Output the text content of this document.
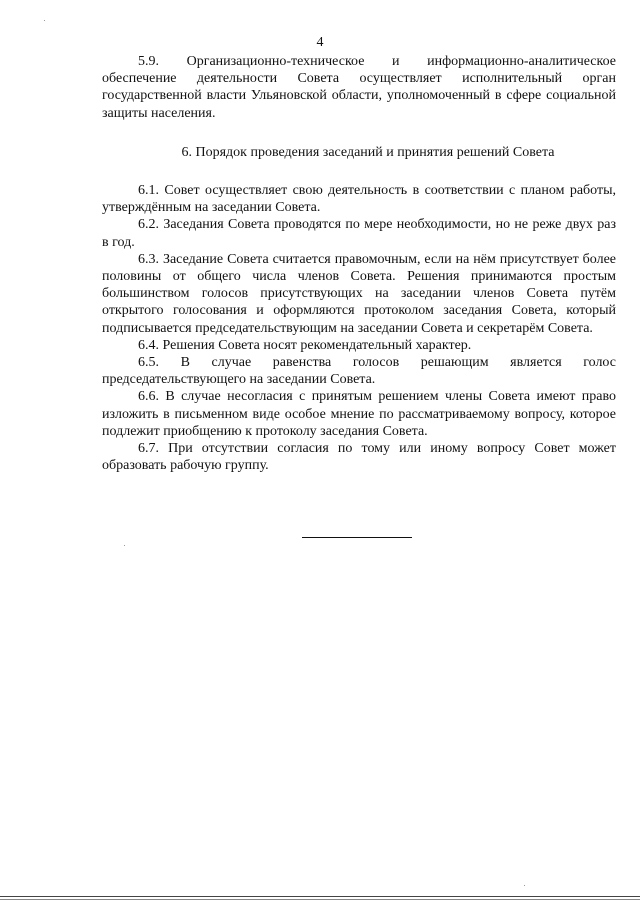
4

5.9. Организационно-техническое и информационно-аналитическое обеспечение деятельности Совета осуществляет исполнительный орган государственной власти Ульяновской области, уполномоченный в сфере социальной защиты населения.

6. Порядок проведения заседаний и принятия решений Совета

6.1. Совет осуществляет свою деятельность в соответствии с планом работы, утверждённым на заседании Совета.

6.2. Заседания Совета проводятся по мере необходимости, но не реже двух раз в год.

6.3. Заседание Совета считается правомочным, если на нём присутствует более половины от общего числа членов Совета. Решения принимаются простым большинством голосов присутствующих на заседании членов Совета путём открытого голосования и оформляются протоколом заседания Совета, который подписывается председательствующим на заседании Совета и секретарём Совета.

6.4. Решения Совета носят рекомендательный характер.

6.5. В случае равенства голосов решающим является голос председательствующего на заседании Совета.

6.6. В случае несогласия с принятым решением члены Совета имеют право изложить в письменном виде особое мнение по рассматриваемому вопросу, которое подлежит приобщению к протоколу заседания Совета.

6.7. При отсутствии согласия по тому или иному вопросу Совет может образовать рабочую группу.
